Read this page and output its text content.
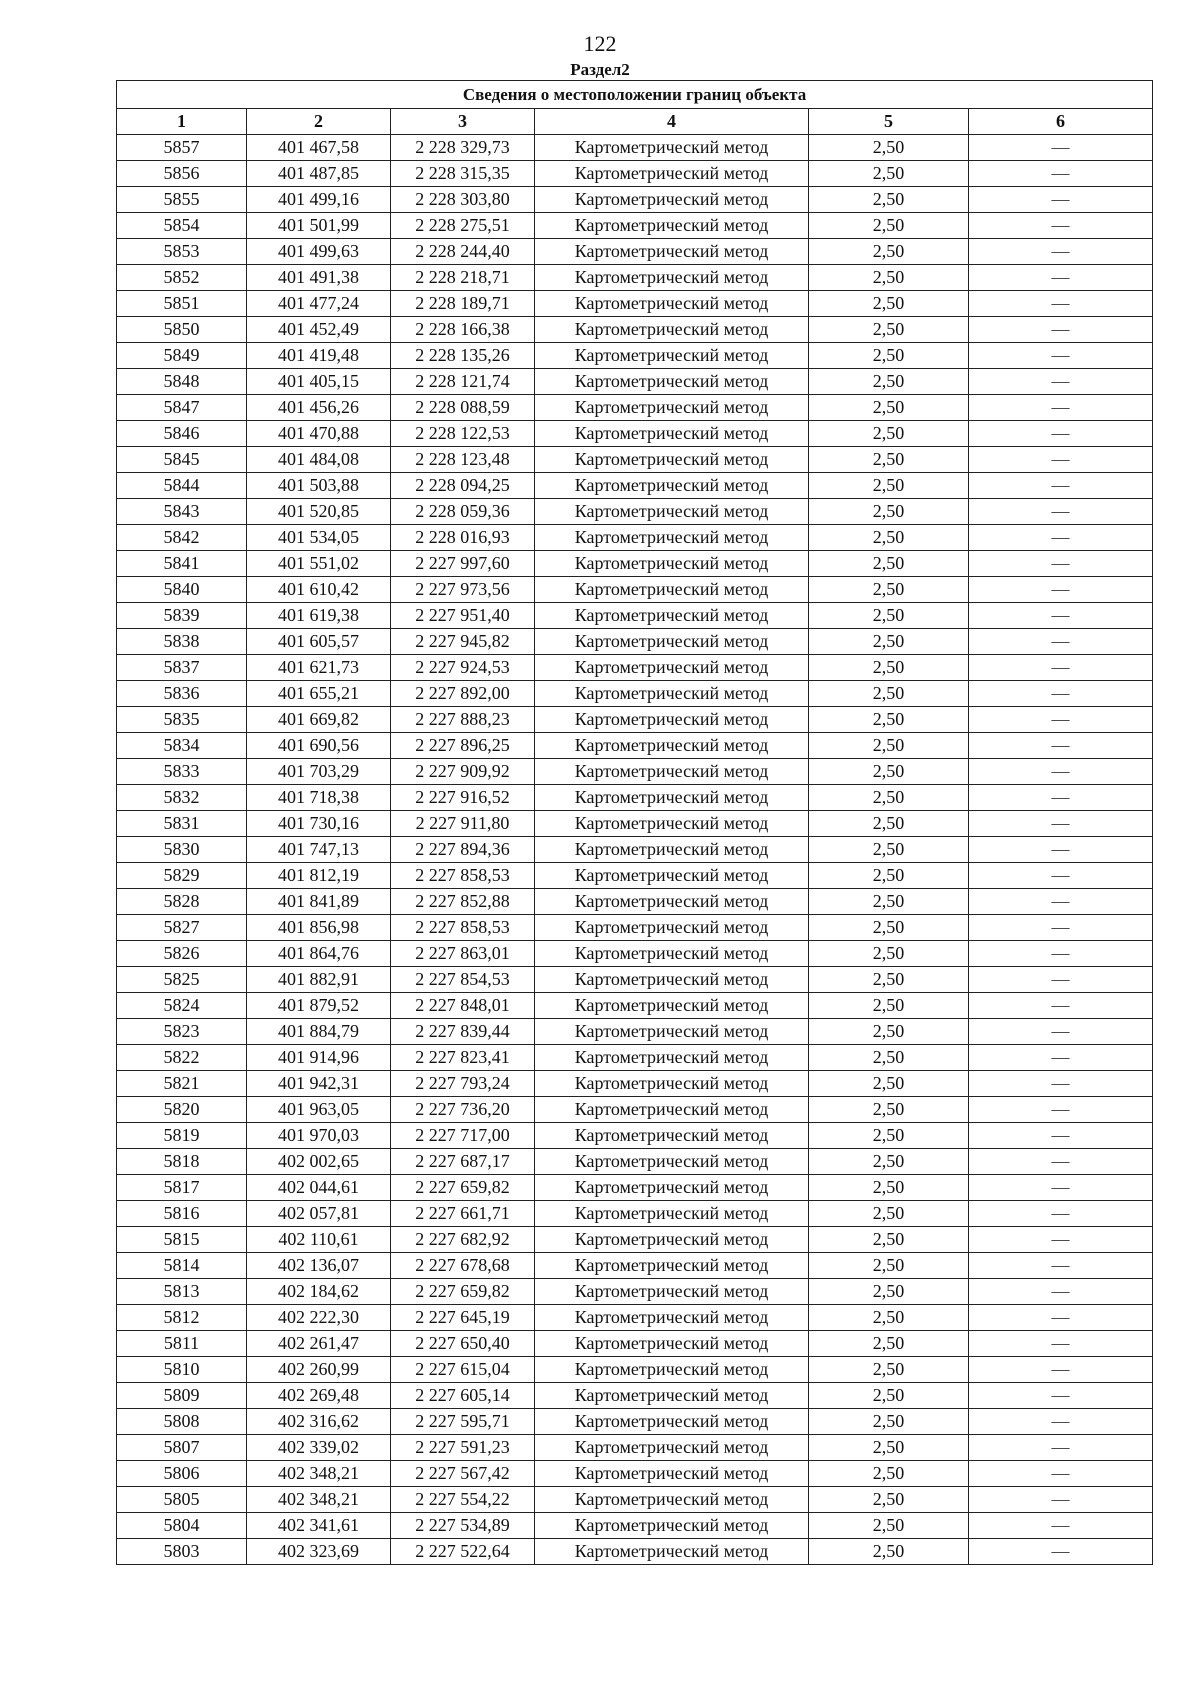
122
Раздел2
Сведения о местоположении границ объекта					
1	2	3	4	5	6
5857	401 467,58	2 228 329,73	Картометрический метод	2,50	—
5856	401 487,85	2 228 315,35	Картометрический метод	2,50	—
5855	401 499,16	2 228 303,80	Картометрический метод	2,50	—
5854	401 501,99	2 228 275,51	Картометрический метод	2,50	—
5853	401 499,63	2 228 244,40	Картометрический метод	2,50	—
5852	401 491,38	2 228 218,71	Картометрический метод	2,50	—
5851	401 477,24	2 228 189,71	Картометрический метод	2,50	—
5850	401 452,49	2 228 166,38	Картометрический метод	2,50	—
5849	401 419,48	2 228 135,26	Картометрический метод	2,50	—
5848	401 405,15	2 228 121,74	Картометрический метод	2,50	—
5847	401 456,26	2 228 088,59	Картометрический метод	2,50	—
5846	401 470,88	2 228 122,53	Картометрический метод	2,50	—
5845	401 484,08	2 228 123,48	Картометрический метод	2,50	—
5844	401 503,88	2 228 094,25	Картометрический метод	2,50	—
5843	401 520,85	2 228 059,36	Картометрический метод	2,50	—
5842	401 534,05	2 228 016,93	Картометрический метод	2,50	—
5841	401 551,02	2 227 997,60	Картометрический метод	2,50	—
5840	401 610,42	2 227 973,56	Картометрический метод	2,50	—
5839	401 619,38	2 227 951,40	Картометрический метод	2,50	—
5838	401 605,57	2 227 945,82	Картометрический метод	2,50	—
5837	401 621,73	2 227 924,53	Картометрический метод	2,50	—
5836	401 655,21	2 227 892,00	Картометрический метод	2,50	—
5835	401 669,82	2 227 888,23	Картометрический метод	2,50	—
5834	401 690,56	2 227 896,25	Картометрический метод	2,50	—
5833	401 703,29	2 227 909,92	Картометрический метод	2,50	—
5832	401 718,38	2 227 916,52	Картометрический метод	2,50	—
5831	401 730,16	2 227 911,80	Картометрический метод	2,50	—
5830	401 747,13	2 227 894,36	Картометрический метод	2,50	—
5829	401 812,19	2 227 858,53	Картометрический метод	2,50	—
5828	401 841,89	2 227 852,88	Картометрический метод	2,50	—
5827	401 856,98	2 227 858,53	Картометрический метод	2,50	—
5826	401 864,76	2 227 863,01	Картометрический метод	2,50	—
5825	401 882,91	2 227 854,53	Картометрический метод	2,50	—
5824	401 879,52	2 227 848,01	Картометрический метод	2,50	—
5823	401 884,79	2 227 839,44	Картометрический метод	2,50	—
5822	401 914,96	2 227 823,41	Картометрический метод	2,50	—
5821	401 942,31	2 227 793,24	Картометрический метод	2,50	—
5820	401 963,05	2 227 736,20	Картометрический метод	2,50	—
5819	401 970,03	2 227 717,00	Картометрический метод	2,50	—
5818	402 002,65	2 227 687,17	Картометрический метод	2,50	—
5817	402 044,61	2 227 659,82	Картометрический метод	2,50	—
5816	402 057,81	2 227 661,71	Картометрический метод	2,50	—
5815	402 110,61	2 227 682,92	Картометрический метод	2,50	—
5814	402 136,07	2 227 678,68	Картометрический метод	2,50	—
5813	402 184,62	2 227 659,82	Картометрический метод	2,50	—
5812	402 222,30	2 227 645,19	Картометрический метод	2,50	—
5811	402 261,47	2 227 650,40	Картометрический метод	2,50	—
5810	402 260,99	2 227 615,04	Картометрический метод	2,50	—
5809	402 269,48	2 227 605,14	Картометрический метод	2,50	—
5808	402 316,62	2 227 595,71	Картометрический метод	2,50	—
5807	402 339,02	2 227 591,23	Картометрический метод	2,50	—
5806	402 348,21	2 227 567,42	Картометрический метод	2,50	—
5805	402 348,21	2 227 554,22	Картометрический метод	2,50	—
5804	402 341,61	2 227 534,89	Картометрический метод	2,50	—
5803	402 323,69	2 227 522,64	Картометрический метод	2,50	—
